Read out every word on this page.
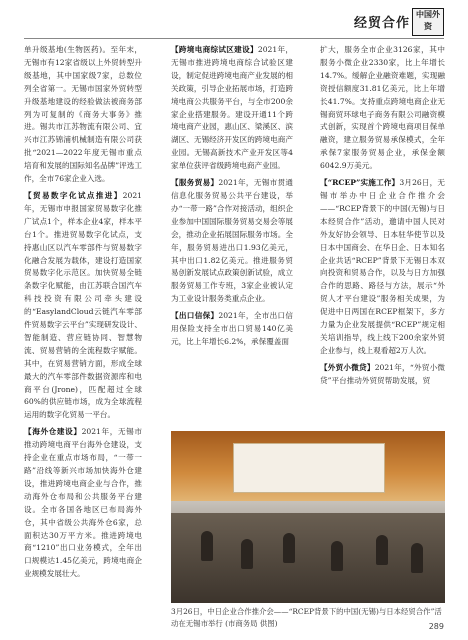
经贸合作
中国外资

单升级基地(生物医药)。至年末，无锡市有12家省级以上外贸转型升级基地，其中国家级7家，总数位列全省第一。无锡市国家外贸转型升级基地建设的经验做法被商务部列为可复制的《商务大事务》推进。锡共市江苏物流有限公司、宜兴市江苏锦浦机械制造有限公司获批“2021—2022年度无锡市重点培育和发展的国际知名品牌”评选工作，全市76家企业入选。

【贸易数字化试点推进】2021年，无锡市申报国家贸易数字化推广试点1个，样本企业4家，样本平台1个。推进贸易数字化试点，支持惠山区以汽车零部件与贸易数字化融合发展为载体，建设打造国家贸易数字化示范区。加快贸易全链条数字化赋能，由江苏联合国汽车科技投资有限公司牵头建设的“EasylandCloud云链汽车零部件贸易数字云平台”实现研发设计、智能制造、营应链协同、智慧物流、贸易营销的全流程数字赋能。其中，在贸易营销方面，形成全球最大的汽车零部件数据资源库和电商平台(Jrone)，匹配超过全球60%的供应链市场，成为全球流程运用的数字化贸易一平台。

【海外仓建设】2021年，无锡市推动跨境电商平台海外仓建设，支持企业在重点市场布局，“一带一路”沿线等新兴市场加快海外仓建设，推进跨境电商企业与合作，推动海外仓布局和公共服务平台建设。全市各国各地区已布局海外仓，其中省级公共海外仓6家，总面积达30万平方米。推进跨境电商“1210”出口业务模式，全年出口规模达1.45亿美元，跨境电商企业规模发展壮大。

【跨境电商综试区建设】2021年，无锡市推进跨境电商综合试验区建设，制定促进跨境电商产业发展的相关政策，引导企业拓展市场，打造跨境电商公共服务平台，与全市200余家企业搭建服务。建设开通11个跨境电商产业园，惠山区、梁溪区、滨湖区、无锡经济开发区的跨境电商产业园。无锡高新技术产业开发区等4家单位获评省级跨境电商产业园。

【服务贸易】2021年，无锡市贯通信息化服务贸易公共平台建设，举办“一带一路”合作对接活动，组织企业参加中国国际服务贸易交易会等展会，推动企业拓展国际服务市场。全年，服务贸易进出口1.93亿美元，其中出口1.82亿美元。推进服务贸易创新发展试点政策创新试验，成立服务贸易工作专班，3家企业被认定为工业设计服务类重点企业。

【出口信保】2021年，全市出口信用保险支持全市出口贸易140亿美元，比上年增长6.2%，承保覆盖面

扩大，服务全市企业3126家，其中服务小微企业2330家，比上年增长14.7%。缓解企业融资难题，实现融资授信额度31.81亿美元，比上年增长41.7%。支持重点跨境电商企业无锡商贸环球电子商务有限公司融资模式创新，实现首个跨境电商项目保单融资，建立服务贸易承保模式，全年承保7家服务贸易企业，承保金额6042.9万美元。

【“RCEP”实施工作】3月26日，无锡市举办中日企业合作推介会——“RCEP背景下的中国(无锡)与日本经贸合作”活动，邀请中国人民对外友好协会领导、日本驻华使节以及日本中国商会、在华日企、日本知名企业共话“RCEP”背景下无锡日本双向投资和贸易合作，以及与日方加强合作的思路、路径与方法，展示“外贸人才平台建设”服务相关成果，为促进中日两国在RCEP框架下，多方力量为企业发展提供“RCEP”规定相关培训指导，线上线下200余家外贸企业参与，线上观看超2万人次。

【外贸小微贷】2021年，“外贸小微贷”平台推动外贸贸帮助发展，贸

3月26日，中日企业合作推介会——“RCEP背景下的中国(无锡)与日本经贸合作”活动在无锡市举行 (市商务局 供图)	289
